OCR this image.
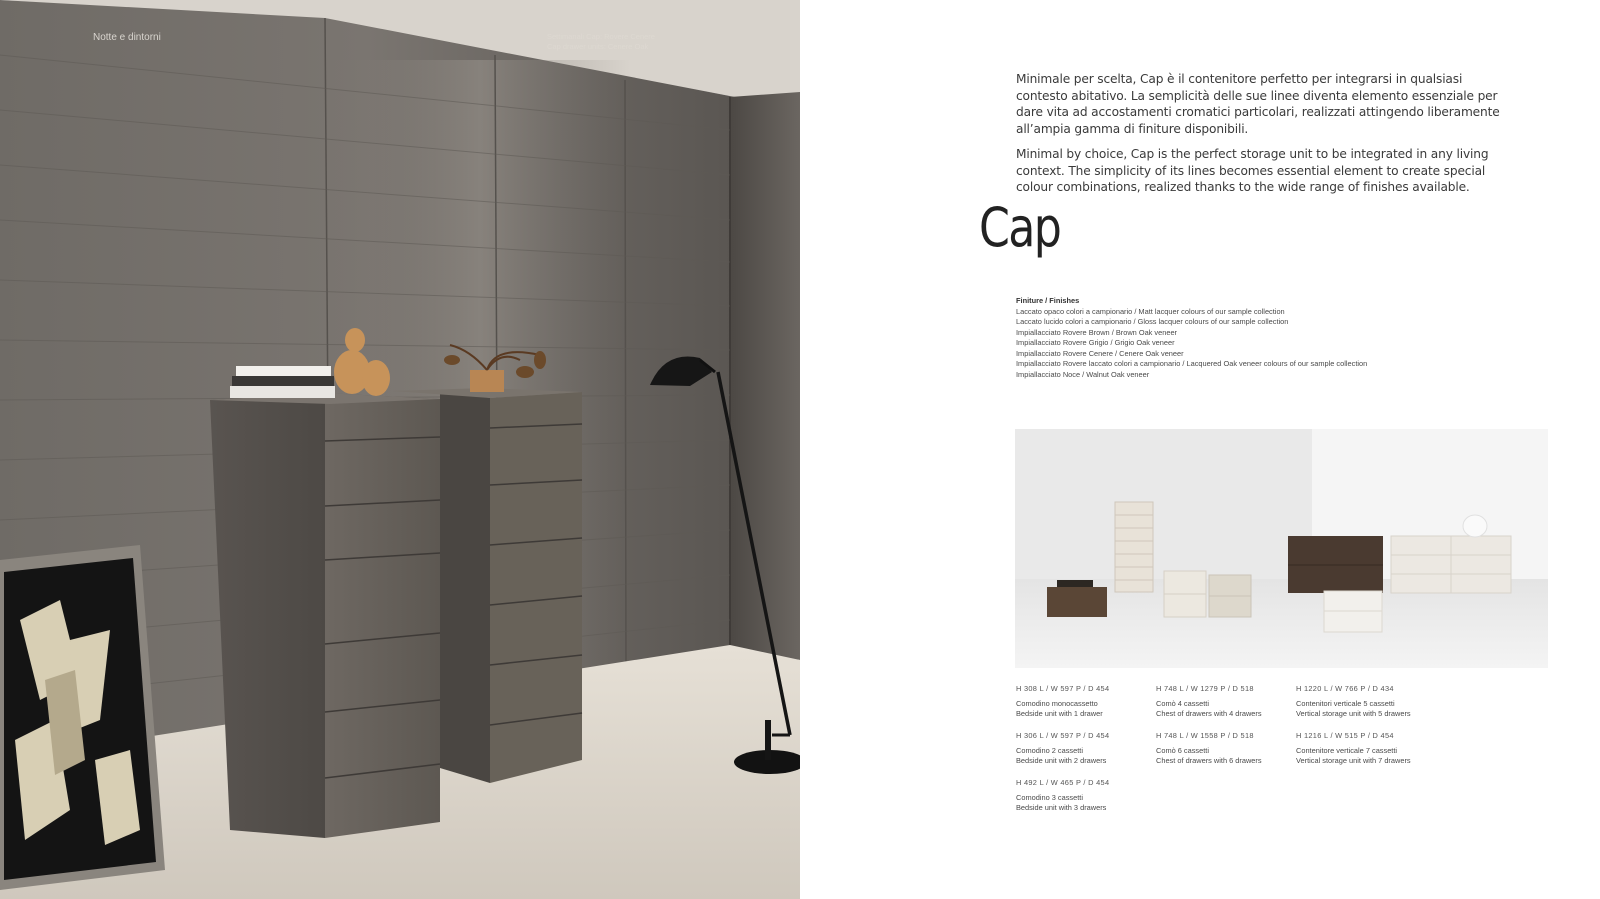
Notte e dintorni	Settimanali Cap: Rovere Cenere
Cap drawer units: Cenere Oak

Minimale per scelta, Cap è il contenitore perfetto per integrarsi in qualsiasi contesto abitativo. La semplicità delle sue linee diventa elemento essenziale per dare vita ad accostamenti cromatici particolari, realizzati attingendo liberamente all’ampia gamma di finiture disponibili.

Minimal by choice, Cap is the perfect storage unit to be integrated in any living context. The simplicity of its lines becomes essential element to create special colour combinations, realized thanks to the wide range of finishes available.

Cap
Finiture / Finishes
Laccato opaco colori a campionario / Matt lacquer colours of our sample collection
Laccato lucido colori a campionario / Gloss lacquer colours of our sample collection
Impiallacciato Rovere Brown / Brown Oak veneer
Impiallacciato Rovere Grigio / Grigio Oak veneer
Impiallacciato Rovere Cenere / Cenere Oak veneer
Impiallacciato Rovere laccato colori a campionario / Lacquered Oak veneer colours of our sample collection
Impiallacciato Noce / Walnut Oak veneer
H 308 L / W 597 P / D 454
Comodino monocassetto
Bedside unit with 1 drawer
H 748 L / W 1279 P / D 518
Comò 4 cassetti
Chest of drawers with 4 drawers
H 1220 L / W 766 P / D 434
Contenitori verticale 5 cassetti
Vertical storage unit with 5 drawers
H 306 L / W 597 P / D 454
Comodino 2 cassetti
Bedside unit with 2 drawers
H 748 L / W 1558 P / D 518
Comò 6 cassetti
Chest of drawers with 6 drawers
H 1216 L / W 515 P / D 454
Contenitore verticale 7 cassetti
Vertical storage unit with 7 drawers
H 492 L / W 465 P / D 454
Comodino 3 cassetti
Bedside unit with 3 drawers
